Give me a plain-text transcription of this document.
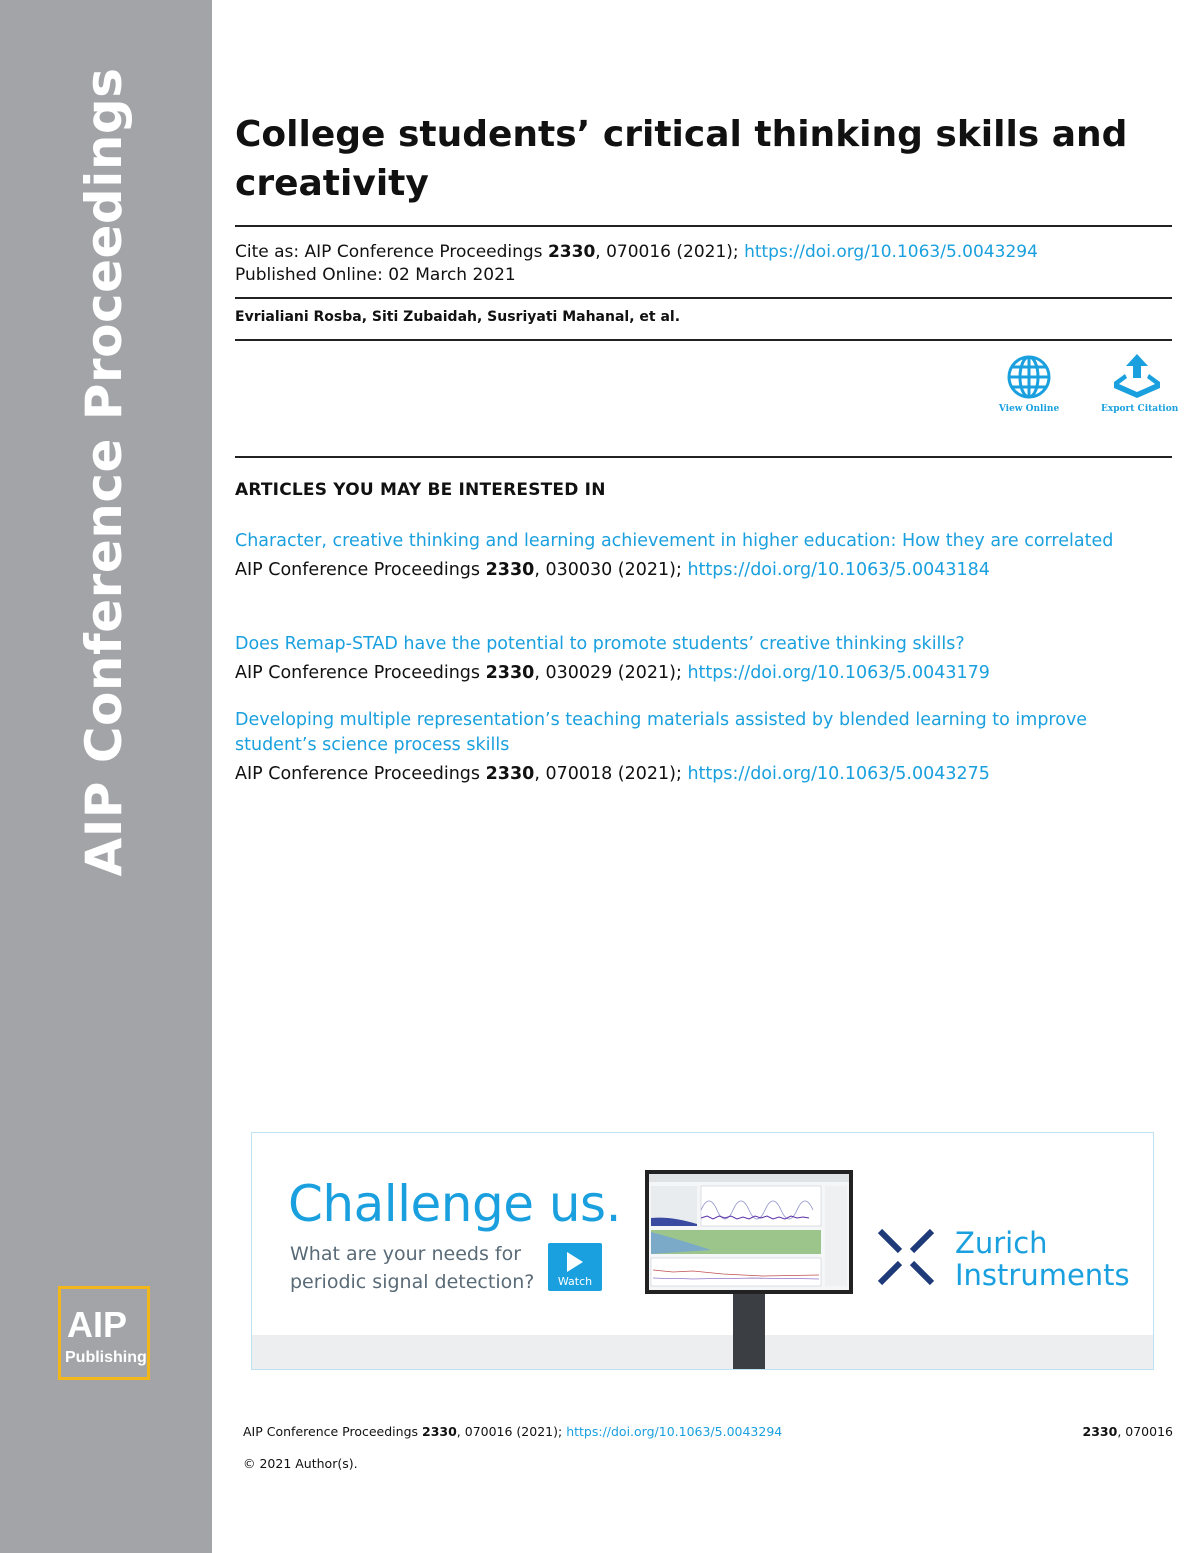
AIP Conference Proceedings
AIP
Publishing
College students’ critical thinking skills and creativity
Cite as: AIP Conference Proceedings 2330, 070016 (2021); https://doi.org/10.1063/5.0043294
Published Online: 02 March 2021
Evrialiani Rosba, Siti Zubaidah, Susriyati Mahanal, et al.
View Online	Export Citation
ARTICLES YOU MAY BE INTERESTED IN
Character, creative thinking and learning achievement in higher education: How they are correlated
AIP Conference Proceedings 2330, 030030 (2021); https://doi.org/10.1063/5.0043184
Does Remap-STAD have the potential to promote students’ creative thinking skills?
AIP Conference Proceedings 2330, 030029 (2021); https://doi.org/10.1063/5.0043179
Developing multiple representation’s teaching materials assisted by blended learning to improve student’s science process skills
AIP Conference Proceedings 2330, 070018 (2021); https://doi.org/10.1063/5.0043275
Challenge us.
What are your needs for periodic signal detection?	Watch
Zurich
Instruments
AIP Conference Proceedings 2330, 070016 (2021); https://doi.org/10.1063/5.0043294	2330, 070016
© 2021 Author(s).
